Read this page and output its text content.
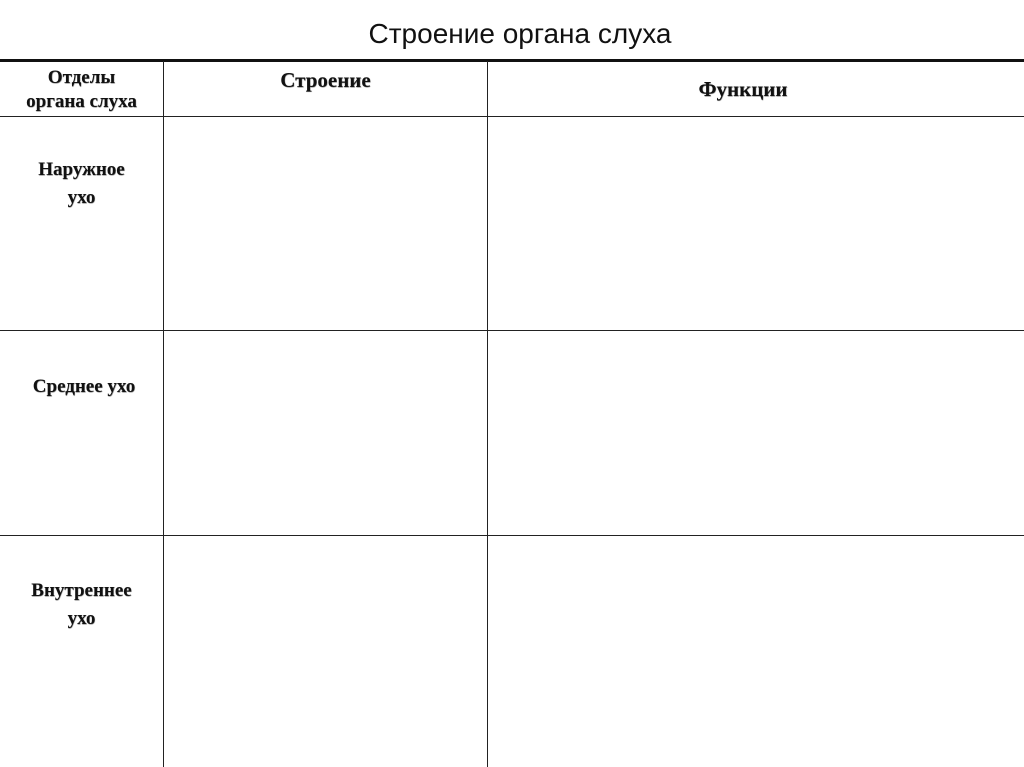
Строение органа слуха
Отделы
органа слуха
Строение	Функции
Наружное
ухо
Среднее ухо
Внутреннее
ухо
